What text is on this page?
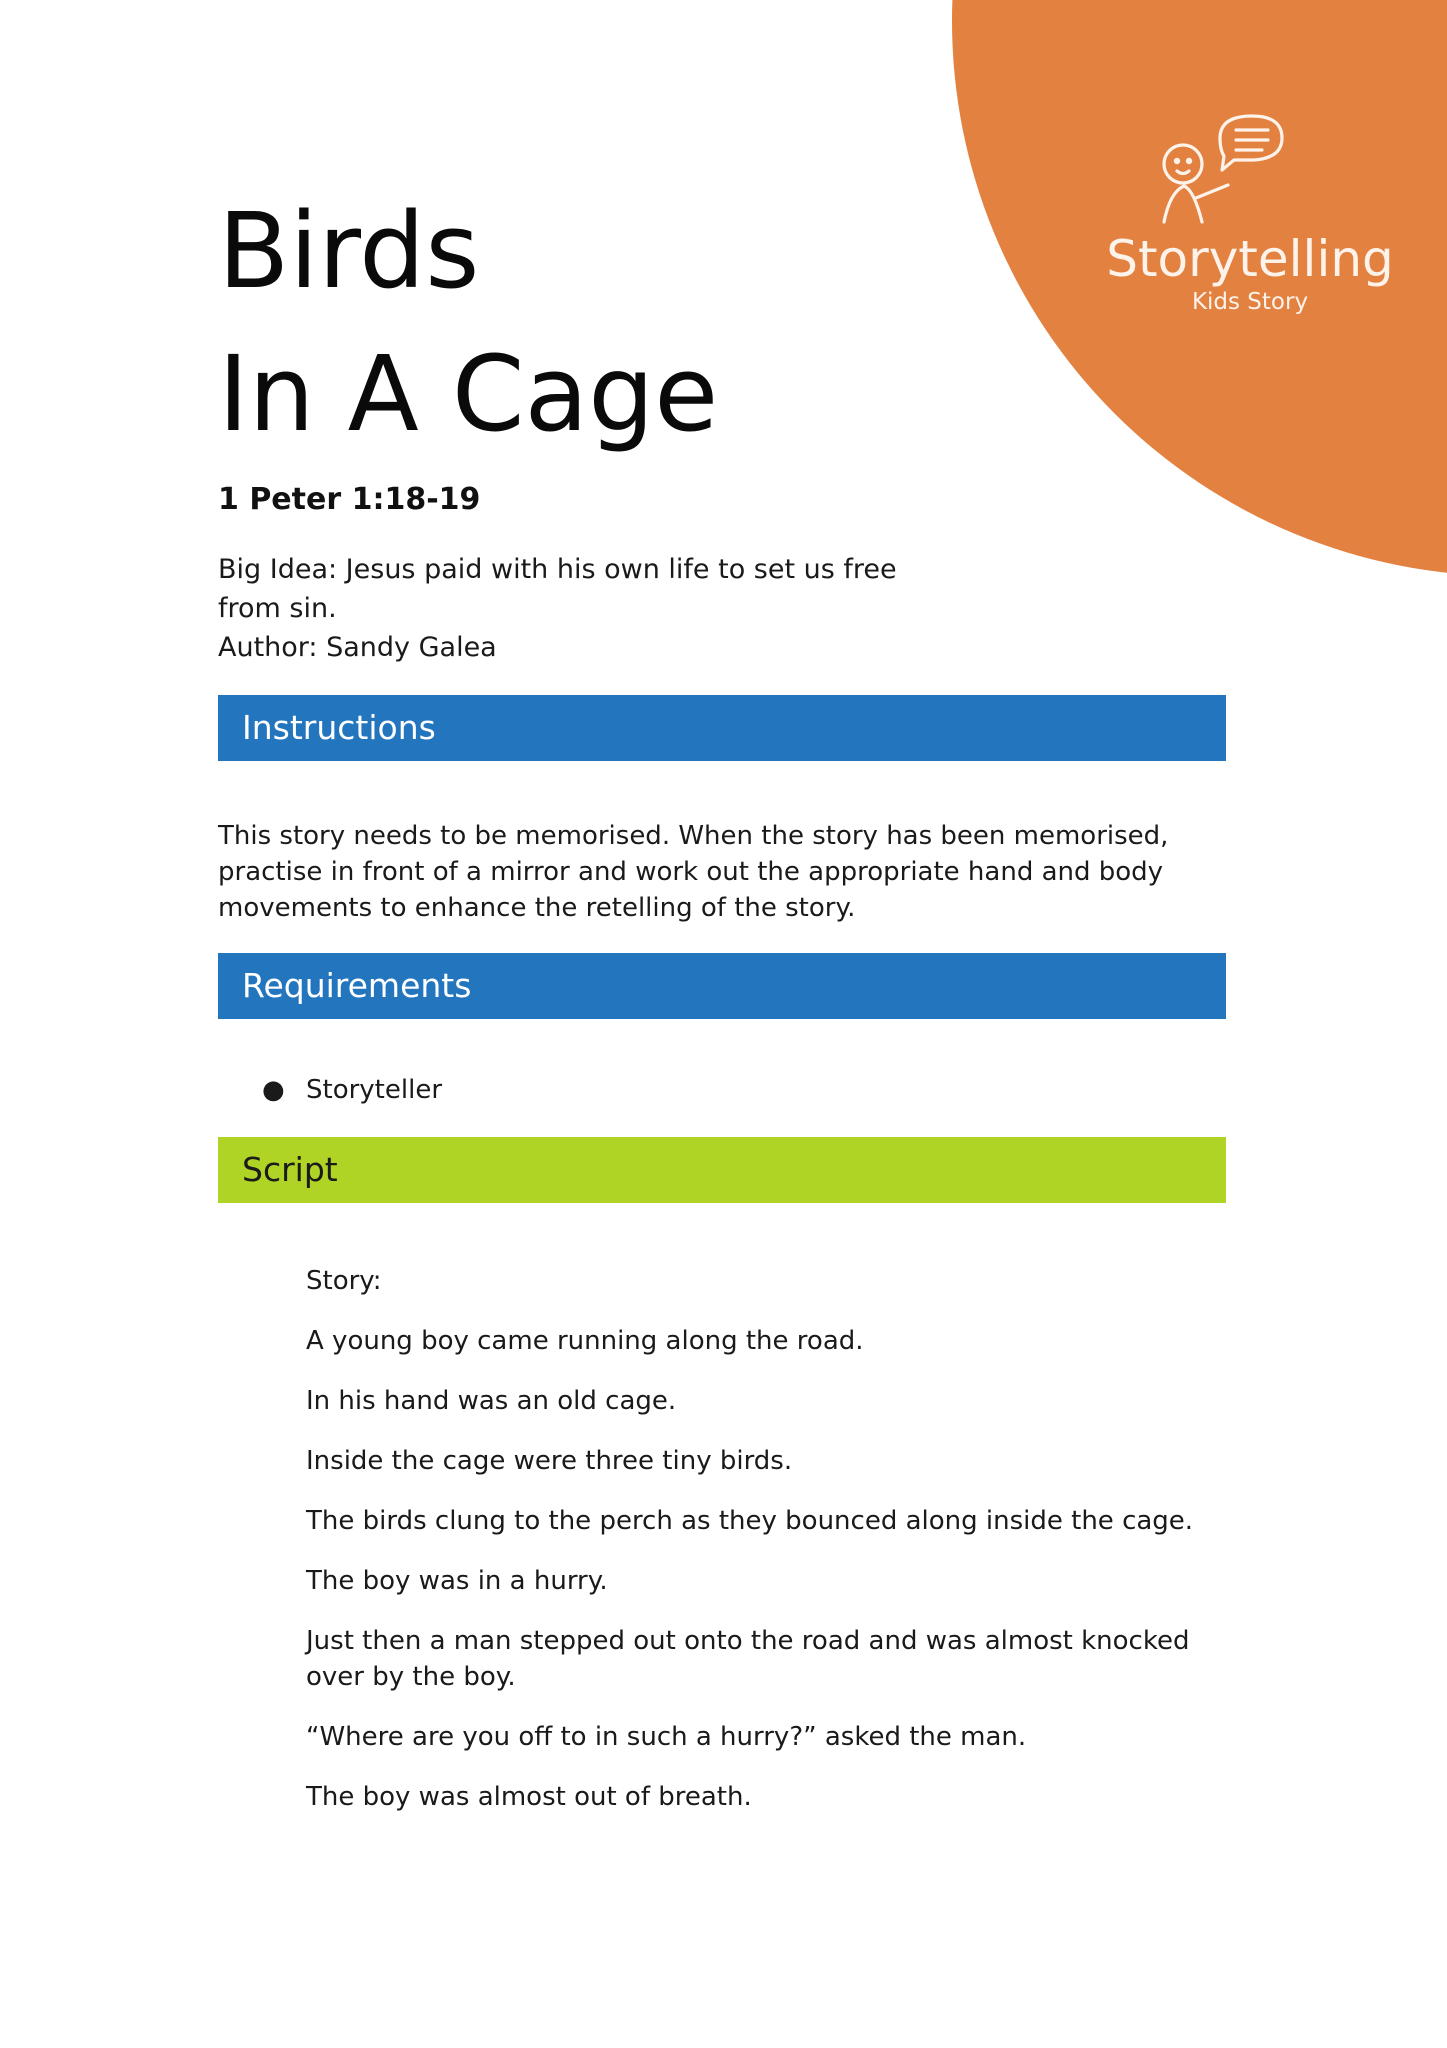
Storytelling
Kids Story
Birds
In A Cage
1 Peter 1:18-19
Big Idea: Jesus paid with his own life to set us free
from sin.
Author: Sandy Galea
Instructions
This story needs to be memorised. When the story has been memorised, practise in front of a mirror and work out the appropriate hand and body movements to enhance the retelling of the story.
Requirements
● Storyteller
Script

Story:

A young boy came running along the road.

In his hand was an old cage.

Inside the cage were three tiny birds.

The birds clung to the perch as they bounced along inside the cage.

The boy was in a hurry.

Just then a man stepped out onto the road and was almost knocked over by the boy.

“Where are you off to in such a hurry?” asked the man.

The boy was almost out of breath.
